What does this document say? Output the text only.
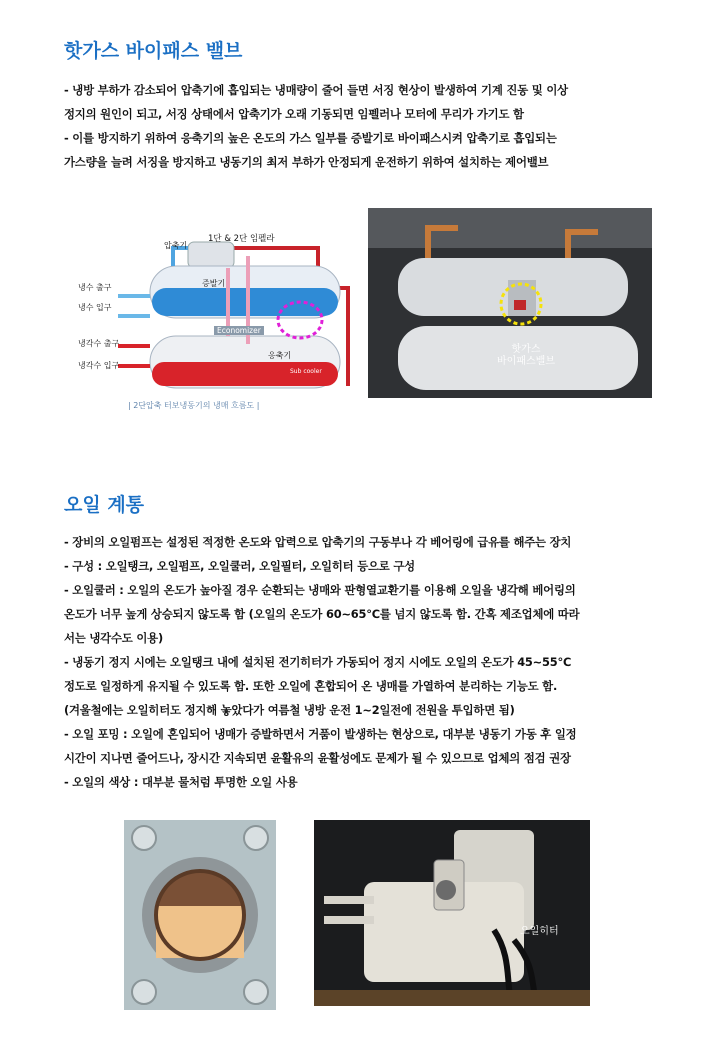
핫가스 바이패스 밸브
- 냉방 부하가 감소되어 압축기에 흡입되는 냉매량이 줄어 들면 서징 현상이 발생하여 기계 진동 및 이상
정지의 원인이 되고, 서징 상태에서 압축기가 오래 기동되면 임펠러나 모터에 무리가 가기도 함
- 이를 방지하기 위하여 응축기의 높은 온도의 가스 일부를 증발기로 바이패스시켜 압축기로 흡입되는
가스량을 늘려 서징을 방지하고 냉동기의 최저 부하가 안정되게 운전하기 위하여 설치하는 제어밸브
1단 & 2단 임펠라
압축기
증발기
Economizer
응축기
Sub cooler
냉수 출구
냉수 입구
냉각수 출구
냉각수 입구
| 2단압축 터보냉동기의 냉매 흐름도 |
핫가스
바이패스밸브
오일 계통
- 장비의 오일펌프는 설정된 적정한 온도와 압력으로 압축기의 구동부나 각 베어링에 급유를 해주는 장치
- 구성 : 오일탱크, 오일펌프, 오일쿨러, 오일필터, 오일히터 등으로 구성
- 오일쿨러 : 오일의 온도가 높아질 경우 순환되는 냉매와 판형열교환기를 이용해 오일을 냉각해 베어링의
온도가 너무 높게 상승되지 않도록 함 (오일의 온도가 60~65℃를 넘지 않도록 함. 간혹 제조업체에 따라
서는 냉각수도 이용)
- 냉동기 정지 시에는 오일탱크 내에 설치된 전기히터가 가동되어 정지 시에도 오일의 온도가 45~55℃
정도로 일정하게 유지될 수 있도록 함. 또한 오일에 혼합되어 온 냉매를 가열하여 분리하는 기능도 함.
(겨울철에는 오일히터도 정지해 놓았다가 여름철 냉방 운전 1~2일전에 전원을 투입하면 됨)
- 오일 포밍 : 오일에 혼입되어 냉매가 증발하면서 거품이 발생하는 현상으로, 대부분 냉동기 가동 후 일정
시간이 지나면 줄어드나, 장시간 지속되면 윤활유의 윤활성에도 문제가 될 수 있으므로 업체의 점검 권장
- 오일의 색상 : 대부분 물처럼 투명한 오일 사용
오일히터
